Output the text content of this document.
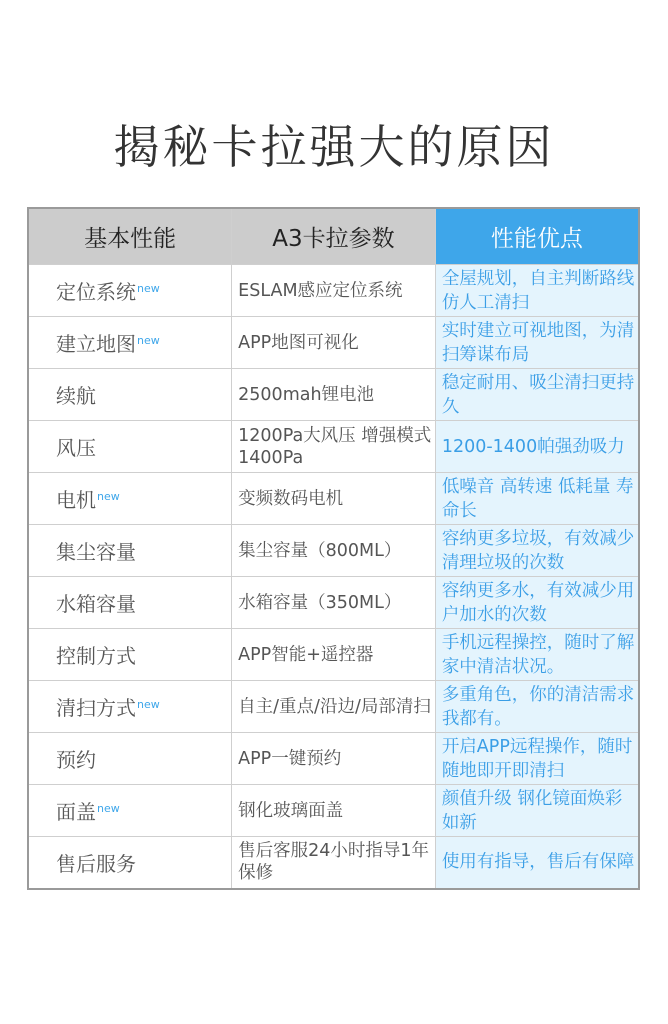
揭秘卡拉强大的原因
基本性能	A3卡拉参数	性能优点
定位系统$^{new}$	ESLAM感应定位系统	全屋规划，自主判断路线仿人工清扫
建立地图$^{new}$	APP地图可视化	实时建立可视地图，为清扫筹谋布局
续航	2500mah锂电池	稳定耐用、吸尘清扫更持久
风压	1200Pa大风压 增强模式1400Pa	1200-1400帕强劲吸力
电机$^{new}$	变频数码电机	低噪音 高转速 低耗量 寿命长
集尘容量	集尘容量（800ML）	容纳更多垃圾，有效减少清理垃圾的次数
水箱容量	水箱容量（350ML）	容纳更多水，有效减少用户加水的次数
控制方式	APP智能+遥控器	手机远程操控，随时了解家中清洁状况。
清扫方式$^{new}$	自主/重点/沿边/局部清扫	多重角色，你的清洁需求我都有。
预约	APP一键预约	开启APP远程操作，随时随地即开即清扫
面盖$^{new}$	钢化玻璃面盖	颜值升级 钢化镜面焕彩如新
售后服务	售后客服24小时指导1年保修	使用有指导，售后有保障
